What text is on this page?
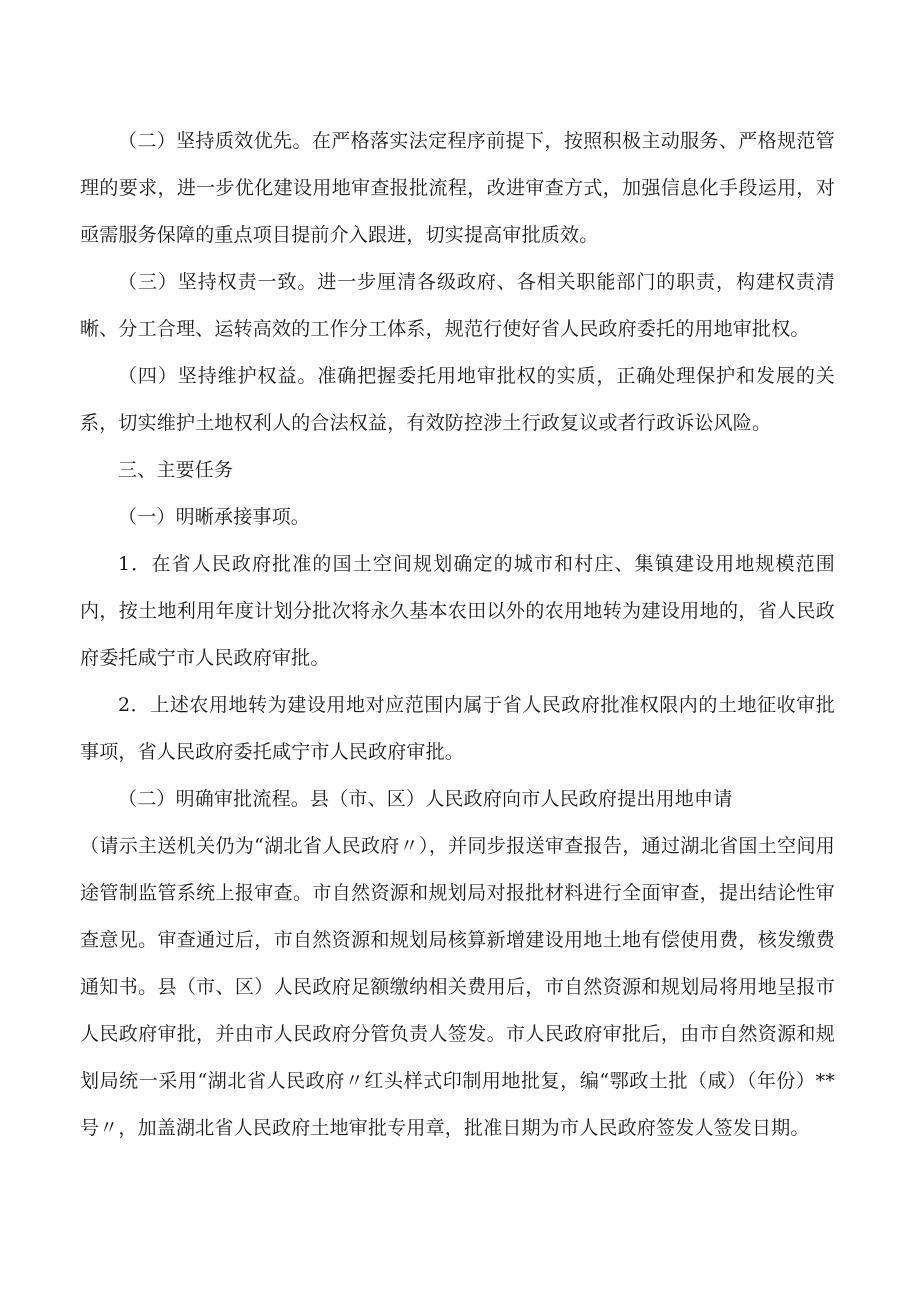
（二）坚持质效优先。在严格落实法定程序前提下，按照积极主动服务、严格规范管理的要求，进一步优化建设用地审查报批流程，改进审查方式，加强信息化手段运用，对亟需服务保障的重点项目提前介入跟进，切实提高审批质效。

（三）坚持权责一致。进一步厘清各级政府、各相关职能部门的职责，构建权责清晰、分工合理、运转高效的工作分工体系，规范行使好省人民政府委托的用地审批权。

（四）坚持维护权益。准确把握委托用地审批权的实质，正确处理保护和发展的关系，切实维护土地权利人的合法权益，有效防控涉土行政复议或者行政诉讼风险。

三、主要任务

（一）明晰承接事项。

1．在省人民政府批准的国土空间规划确定的城市和村庄、集镇建设用地规模范围内，按土地利用年度计划分批次将永久基本农田以外的农用地转为建设用地的，省人民政府委托咸宁市人民政府审批。

2．上述农用地转为建设用地对应范围内属于省人民政府批准权限内的土地征收审批事项，省人民政府委托咸宁市人民政府审批。

（二）明确审批流程。县（市、区）人民政府向市人民政府提出用地申请

（请示主送机关仍为“湖北省人民政府〃），并同步报送审查报告，通过湖北省国土空间用途管制监管系统上报审查。市自然资源和规划局对报批材料进行全面审查，提出结论性审查意见。审查通过后，市自然资源和规划局核算新增建设用地土地有偿使用费，核发缴费通知书。县（市、区）人民政府足额缴纳相关费用后，市自然资源和规划局将用地呈报市人民政府审批，并由市人民政府分管负责人签发。市人民政府审批后，由市自然资源和规划局统一采用“湖北省人民政府〃红头样式印制用地批复，编“鄂政土批（咸）（年份）**号〃，加盖湖北省人民政府土地审批专用章，批准日期为市人民政府签发人签发日期。
